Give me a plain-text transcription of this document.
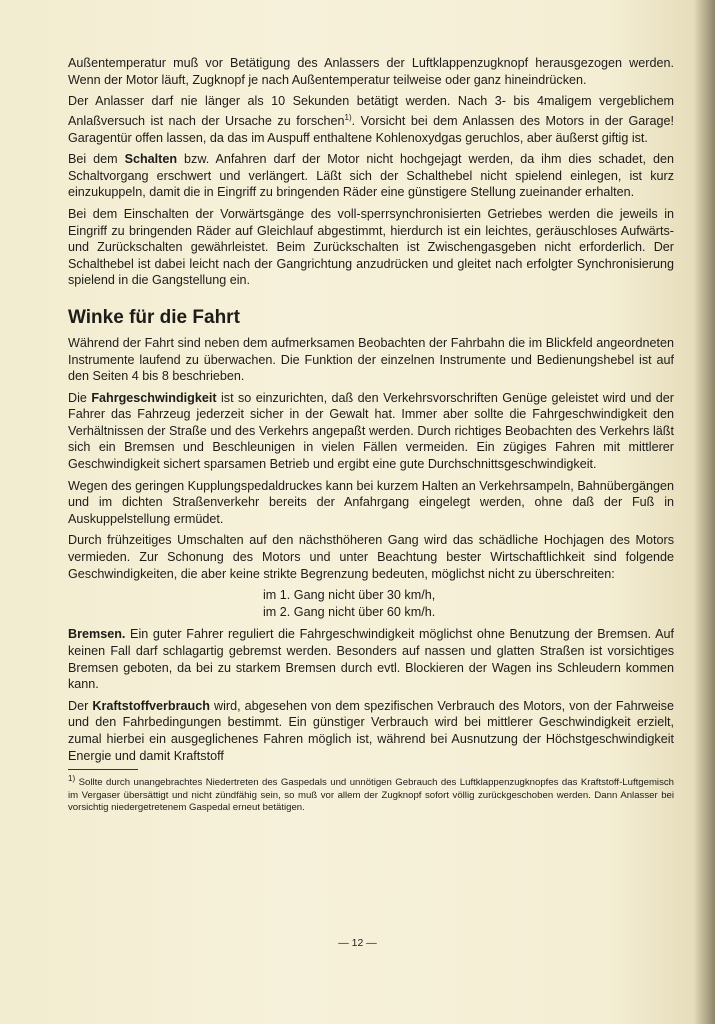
Außentemperatur muß vor Betätigung des Anlassers der Luftklappenzugknopf herausgezogen werden. Wenn der Motor läuft, Zugknopf je nach Außentemperatur teilweise oder ganz hineindrücken.

Der Anlasser darf nie länger als 10 Sekunden betätigt werden. Nach 3- bis 4maligem vergeblichem Anlaßversuch ist nach der Ursache zu forschen$^{1)}$. Vorsicht bei dem Anlassen des Motors in der Garage! Garagentür offen lassen, da das im Auspuff enthaltene Kohlenoxydgas geruchlos, aber äußerst giftig ist.

Bei dem Schalten bzw. Anfahren darf der Motor nicht hochgejagt werden, da ihm dies schadet, den Schaltvorgang erschwert und verlängert. Läßt sich der Schalthebel nicht spielend einlegen, ist kurz einzukuppeln, damit die in Eingriff zu bringenden Räder eine günstigere Stellung zueinander erhalten.

Bei dem Einschalten der Vorwärtsgänge des voll-sperrsynchronisierten Getriebes werden die jeweils in Eingriff zu bringenden Räder auf Gleichlauf abgestimmt, hierdurch ist ein leichtes, geräuschloses Aufwärts- und Zurückschalten gewährleistet. Beim Zurückschalten ist Zwischengasgeben nicht erforderlich. Der Schalthebel ist dabei leicht nach der Gangrichtung anzudrücken und gleitet nach erfolgter Synchronisierung spielend in die Gangstellung ein.

Winke für die Fahrt

Während der Fahrt sind neben dem aufmerksamen Beobachten der Fahrbahn die im Blickfeld angeordneten Instrumente laufend zu überwachen. Die Funktion der einzelnen Instrumente und Bedienungshebel ist auf den Seiten 4 bis 8 beschrieben.

Die Fahrgeschwindigkeit ist so einzurichten, daß den Verkehrsvorschriften Genüge geleistet wird und der Fahrer das Fahrzeug jederzeit sicher in der Gewalt hat. Immer aber sollte die Fahrgeschwindigkeit den Verhältnissen der Straße und des Verkehrs angepaßt werden. Durch richtiges Beobachten des Verkehrs läßt sich ein Bremsen und Beschleunigen in vielen Fällen vermeiden. Ein zügiges Fahren mit mittlerer Geschwindigkeit sichert sparsamen Betrieb und ergibt eine gute Durchschnittsgeschwindigkeit.

Wegen des geringen Kupplungspedaldruckes kann bei kurzem Halten an Verkehrsampeln, Bahnübergängen und im dichten Straßenverkehr bereits der Anfahrgang eingelegt werden, ohne daß der Fuß in Auskuppelstellung ermüdet.

Durch frühzeitiges Umschalten auf den nächsthöheren Gang wird das schädliche Hochjagen des Motors vermieden. Zur Schonung des Motors und unter Beachtung bester Wirtschaftlichkeit sind folgende Geschwindigkeiten, die aber keine strikte Begrenzung bedeuten, möglichst nicht zu überschreiten:

im 1. Gang nicht über 30 km/h,
im 2. Gang nicht über 60 km/h.

Bremsen. Ein guter Fahrer reguliert die Fahrgeschwindigkeit möglichst ohne Benutzung der Bremsen. Auf keinen Fall darf schlagartig gebremst werden. Besonders auf nassen und glatten Straßen ist vorsichtiges Bremsen geboten, da bei zu starkem Bremsen durch evtl. Blockieren der Wagen ins Schleudern kommen kann.

Der Kraftstoffverbrauch wird, abgesehen von dem spezifischen Verbrauch des Motors, von der Fahrweise und den Fahrbedingungen bestimmt. Ein günstiger Verbrauch wird bei mittlerer Geschwindigkeit erzielt, zumal hierbei ein ausgeglichenes Fahren möglich ist, während bei Ausnutzung der Höchstgeschwindigkeit Energie und damit Kraftstoff

$^{1)}$ Sollte durch unangebrachtes Niedertreten des Gaspedals und unnötigen Gebrauch des Luftklappenzugknopfes das Kraftstoff-Luftgemisch im Vergaser übersättigt und nicht zündfähig sein, so muß vor allem der Zugknopf sofort völlig zurückgeschoben werden. Dann Anlasser bei vorsichtig niedergetretenem Gaspedal erneut betätigen.
— 12 —
